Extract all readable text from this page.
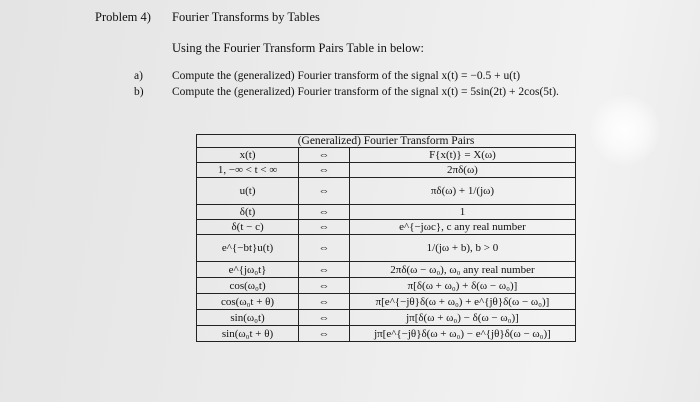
Problem 4) Fourier Transforms by Tables
Using the Fourier Transform Pairs Table in below:
a)	Compute the (generalized) Fourier transform of the signal x(t) = −0.5 + u(t)
b) Compute the (generalized) Fourier transform of the signal x(t) = 5sin(2t) + 2cos(5t).
(Generalized) Fourier Transform Pairs		
x(t)	⇔	F{x(t)} = X(ω)
1, −∞ < t < ∞	⇔	2πδ(ω)
u(t)	⇔	πδ(ω) + 1/(jω)
δ(t)	⇔	1
δ(t − c)	⇔	e^{−jωc}, c any real number
e^{−bt}u(t)	⇔	1/(jω + b), b > 0
e^{jω₀t}	⇔	2πδ(ω − ω₀), ω₀ any real number
cos(ω₀t)	⇔	π[δ(ω + ω₀) + δ(ω − ω₀)]
cos(ω₀t + θ)	⇔	π[e^{−jθ}δ(ω + ω₀) + e^{jθ}δ(ω − ω₀)]
sin(ω₀t)	⇔	jπ[δ(ω + ω₀) − δ(ω − ω₀)]
sin(ω₀t + θ)	⇔	jπ[e^{−jθ}δ(ω + ω₀) − e^{jθ}δ(ω − ω₀)]
